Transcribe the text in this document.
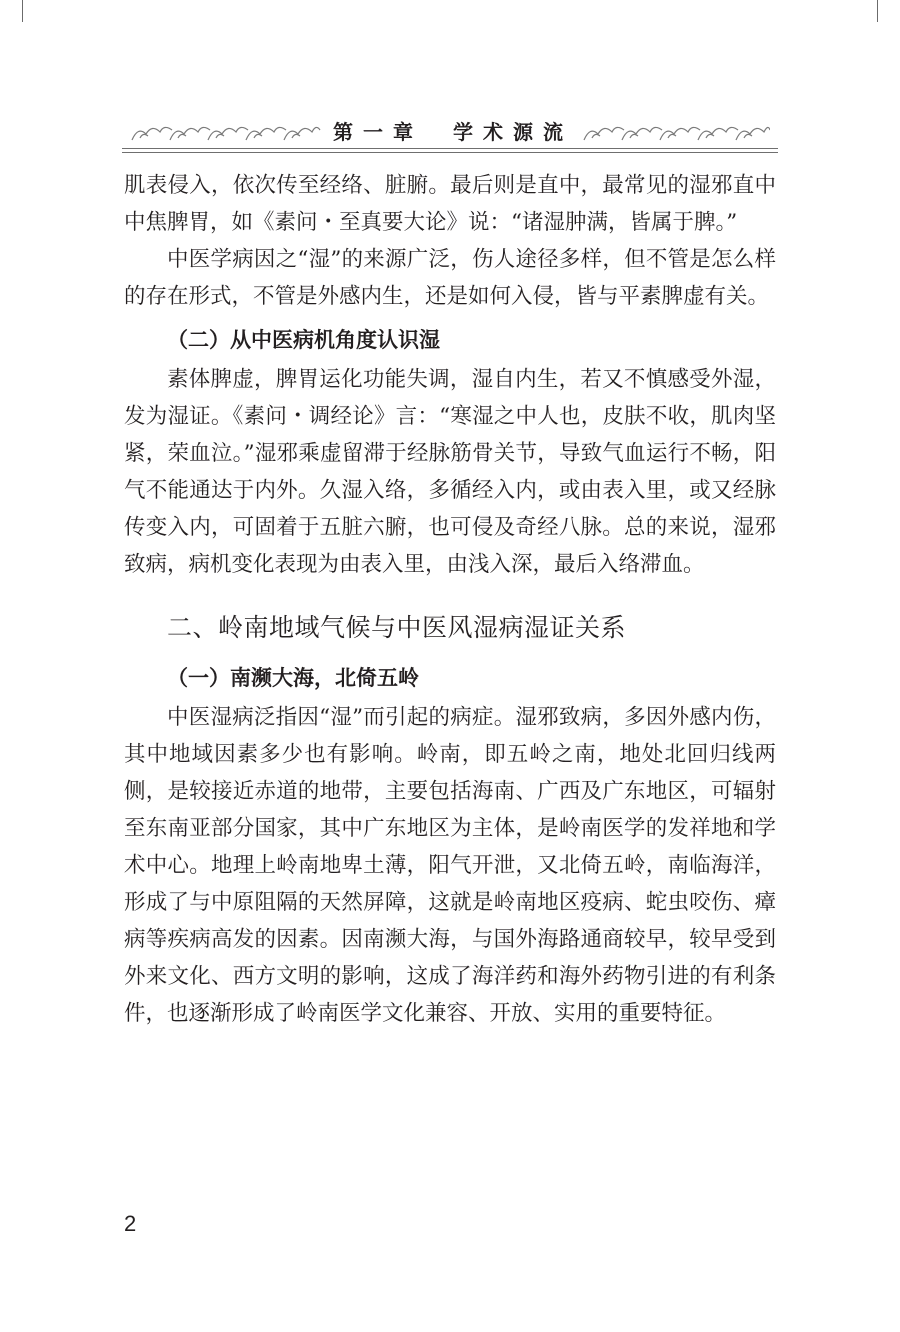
第一章　学术源流

肌表侵入，依次传至经络、脏腑。最后则是直中，最常见的湿邪直中中焦脾胃，如《素问・至真要大论》说：“诸湿肿满，皆属于脾。”

中医学病因之“湿”的来源广泛，伤人途径多样，但不管是怎么样的存在形式，不管是外感内生，还是如何入侵，皆与平素脾虚有关。

（二）从中医病机角度认识湿

素体脾虚，脾胃运化功能失调，湿自内生，若又不慎感受外湿，发为湿证。《素问・调经论》言：“寒湿之中人也，皮肤不收，肌肉坚紧，荣血泣。”湿邪乘虚留滞于经脉筋骨关节，导致气血运行不畅，阳气不能通达于内外。久湿入络，多循经入内，或由表入里，或又经脉传变入内，可固着于五脏六腑，也可侵及奇经八脉。总的来说，湿邪致病，病机变化表现为由表入里，由浅入深，最后入络滞血。

二、岭南地域气候与中医风湿病湿证关系
（一）南濒大海，北倚五岭

中医湿病泛指因“湿”而引起的病症。湿邪致病，多因外感内伤，其中地域因素多少也有影响。岭南，即五岭之南，地处北回归线两侧，是较接近赤道的地带，主要包括海南、广西及广东地区，可辐射至东南亚部分国家，其中广东地区为主体，是岭南医学的发祥地和学术中心。地理上岭南地卑土薄，阳气开泄，又北倚五岭，南临海洋，形成了与中原阻隔的天然屏障，这就是岭南地区疫病、蛇虫咬伤、瘴病等疾病高发的因素。因南濒大海，与国外海路通商较早，较早受到外来文化、西方文明的影响，这成了海洋药和海外药物引进的有利条件，也逐渐形成了岭南医学文化兼容、开放、实用的重要特征。

2
